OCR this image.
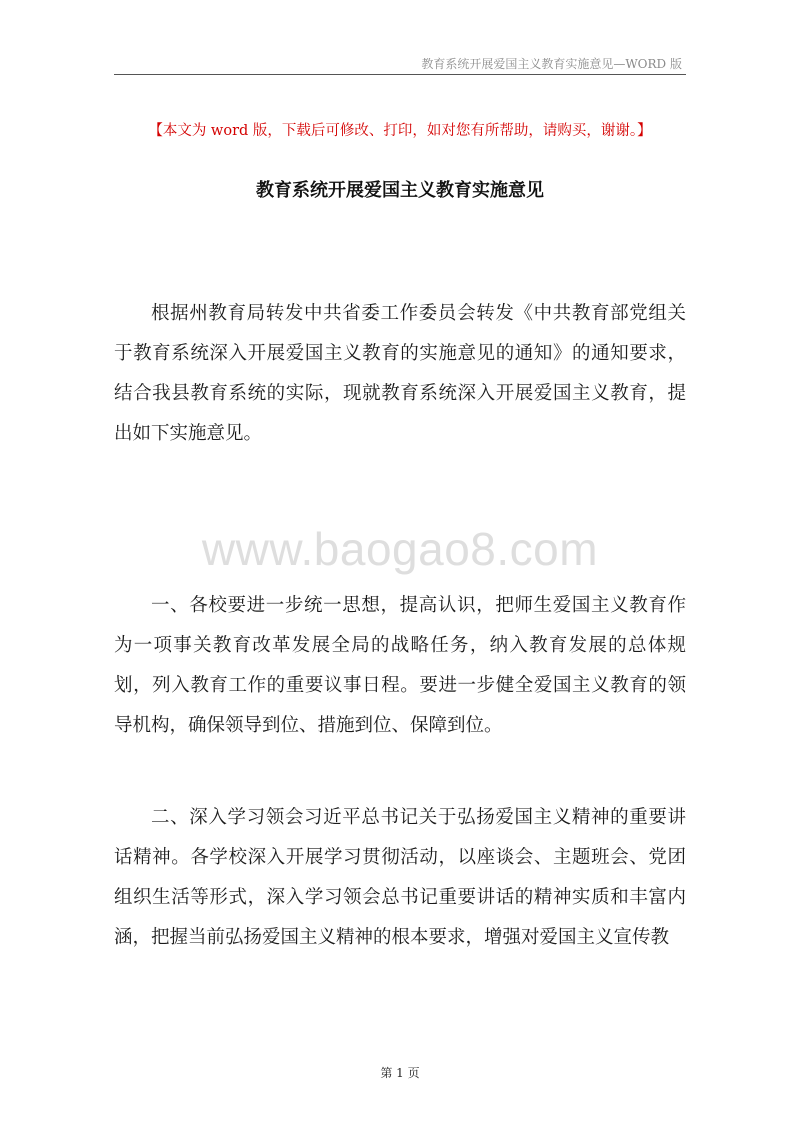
教育系统开展爱国主义教育实施意见—WORD 版
【本文为 word 版，下载后可修改、打印，如对您有所帮助，请购买，谢谢。】
教育系统开展爱国主义教育实施意见
www.baogao8.com

根据州教育局转发中共省委工作委员会转发《中共教育部党组关于教育系统深入开展爱国主义教育的实施意见的通知》的通知要求，结合我县教育系统的实际，现就教育系统深入开展爱国主义教育，提出如下实施意见。

一、各校要进一步统一思想，提高认识，把师生爱国主义教育作为一项事关教育改革发展全局的战略任务，纳入教育发展的总体规划，列入教育工作的重要议事日程。要进一步健全爱国主义教育的领导机构，确保领导到位、措施到位、保障到位。

二、深入学习领会习近平总书记关于弘扬爱国主义精神的重要讲话精神。各学校深入开展学习贯彻活动，以座谈会、主题班会、党团组织生活等形式，深入学习领会总书记重要讲话的精神实质和丰富内涵，把握当前弘扬爱国主义精神的根本要求，增强对爱国主义宣传教

第 1 页
